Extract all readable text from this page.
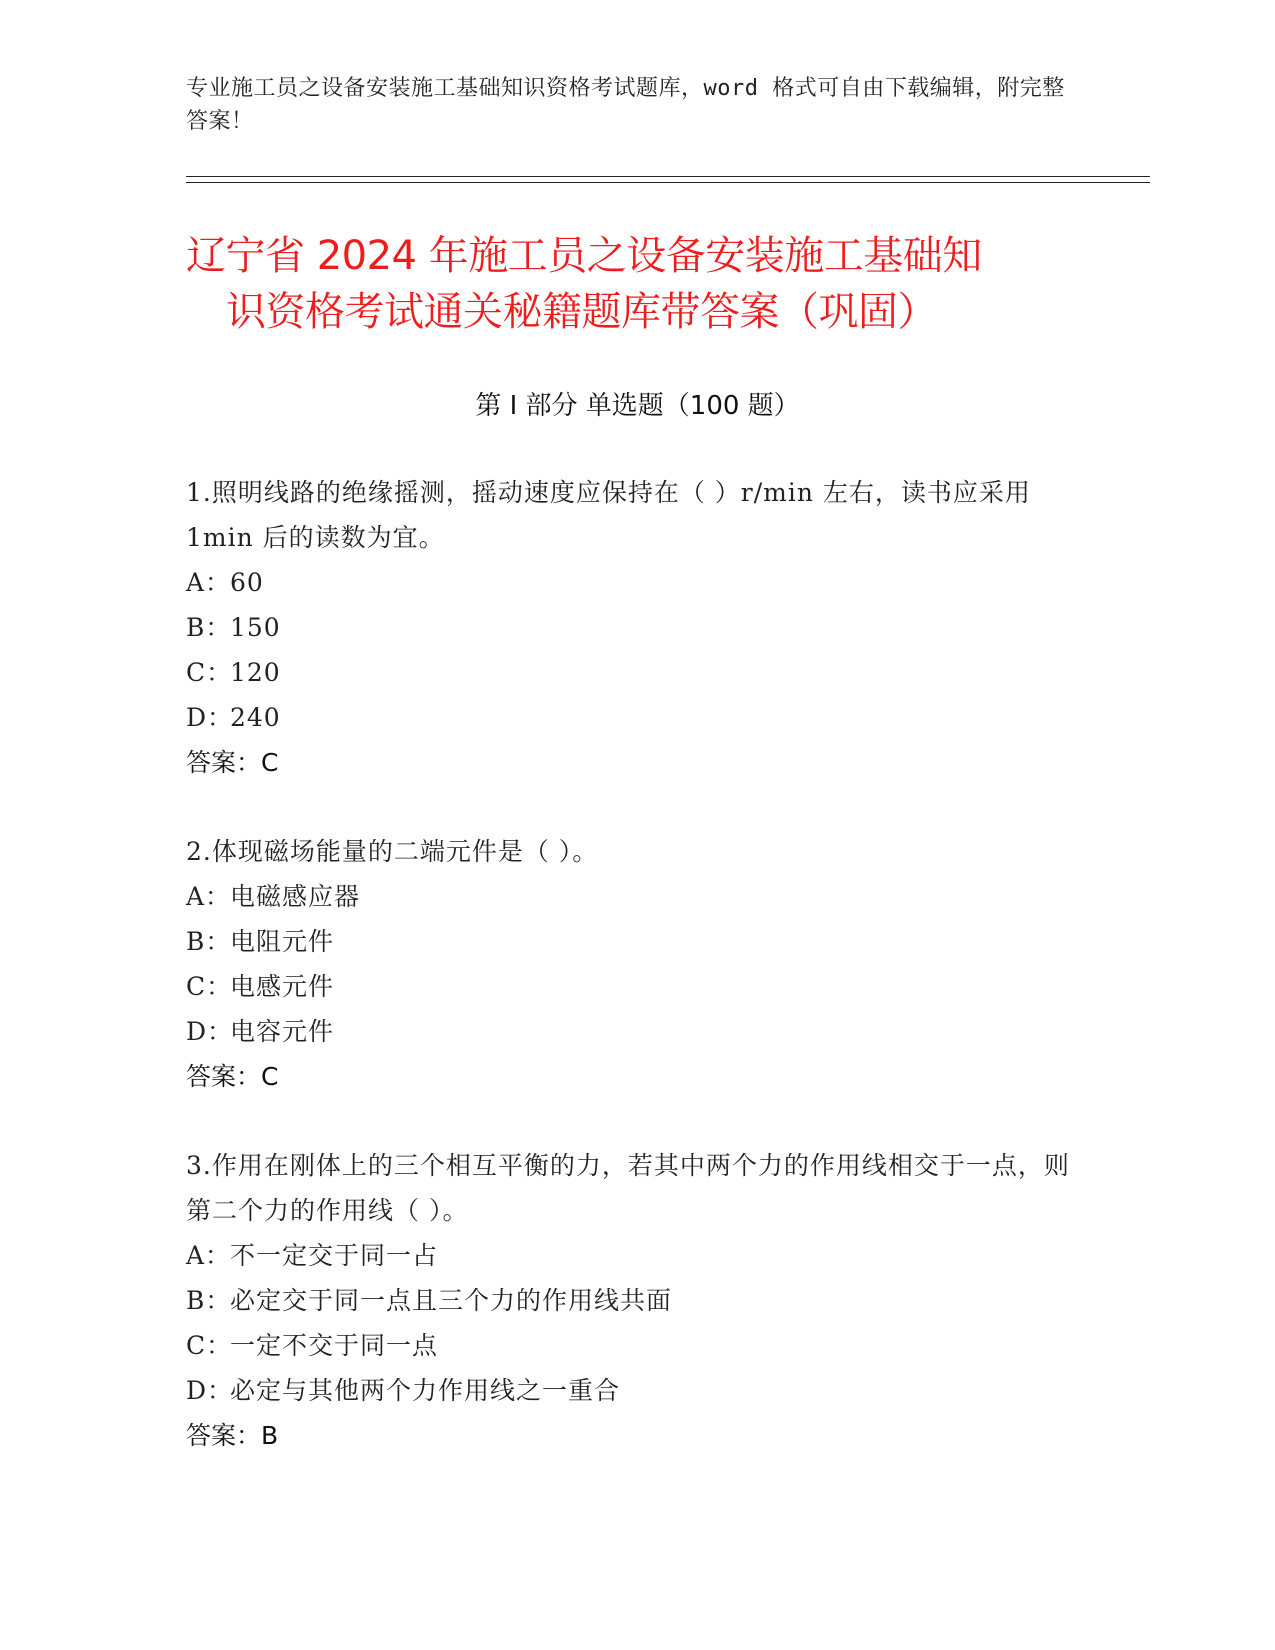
专业施工员之设备安装施工基础知识资格考试题库，word 格式可自由下载编辑，附完整答案！
辽宁省 2024 年施工员之设备安装施工基础知
识资格考试通关秘籍题库带答案（巩固）
第 I 部分 单选题（100 题）

1.照明线路的绝缘摇测，摇动速度应保持在（ ）r/min 左右，读书应采用 1min 后的读数为宜。

A：
60
B：
150
C：
120
D：
240
答案：C

2.体现磁场能量的二端元件是（ ）。

A：
电磁感应器
B：
电阻元件
C：
电感元件
D：
电容元件
答案：C

3.作用在刚体上的三个相互平衡的力，若其中两个力的作用线相交于一点，则第二个力的作用线（ ）。

A：
不一定交于同一占
B：
必定交于同一点且三个力的作用线共面
C：
一定不交于同一点
D：
必定与其他两个力作用线之一重合
答案：B
